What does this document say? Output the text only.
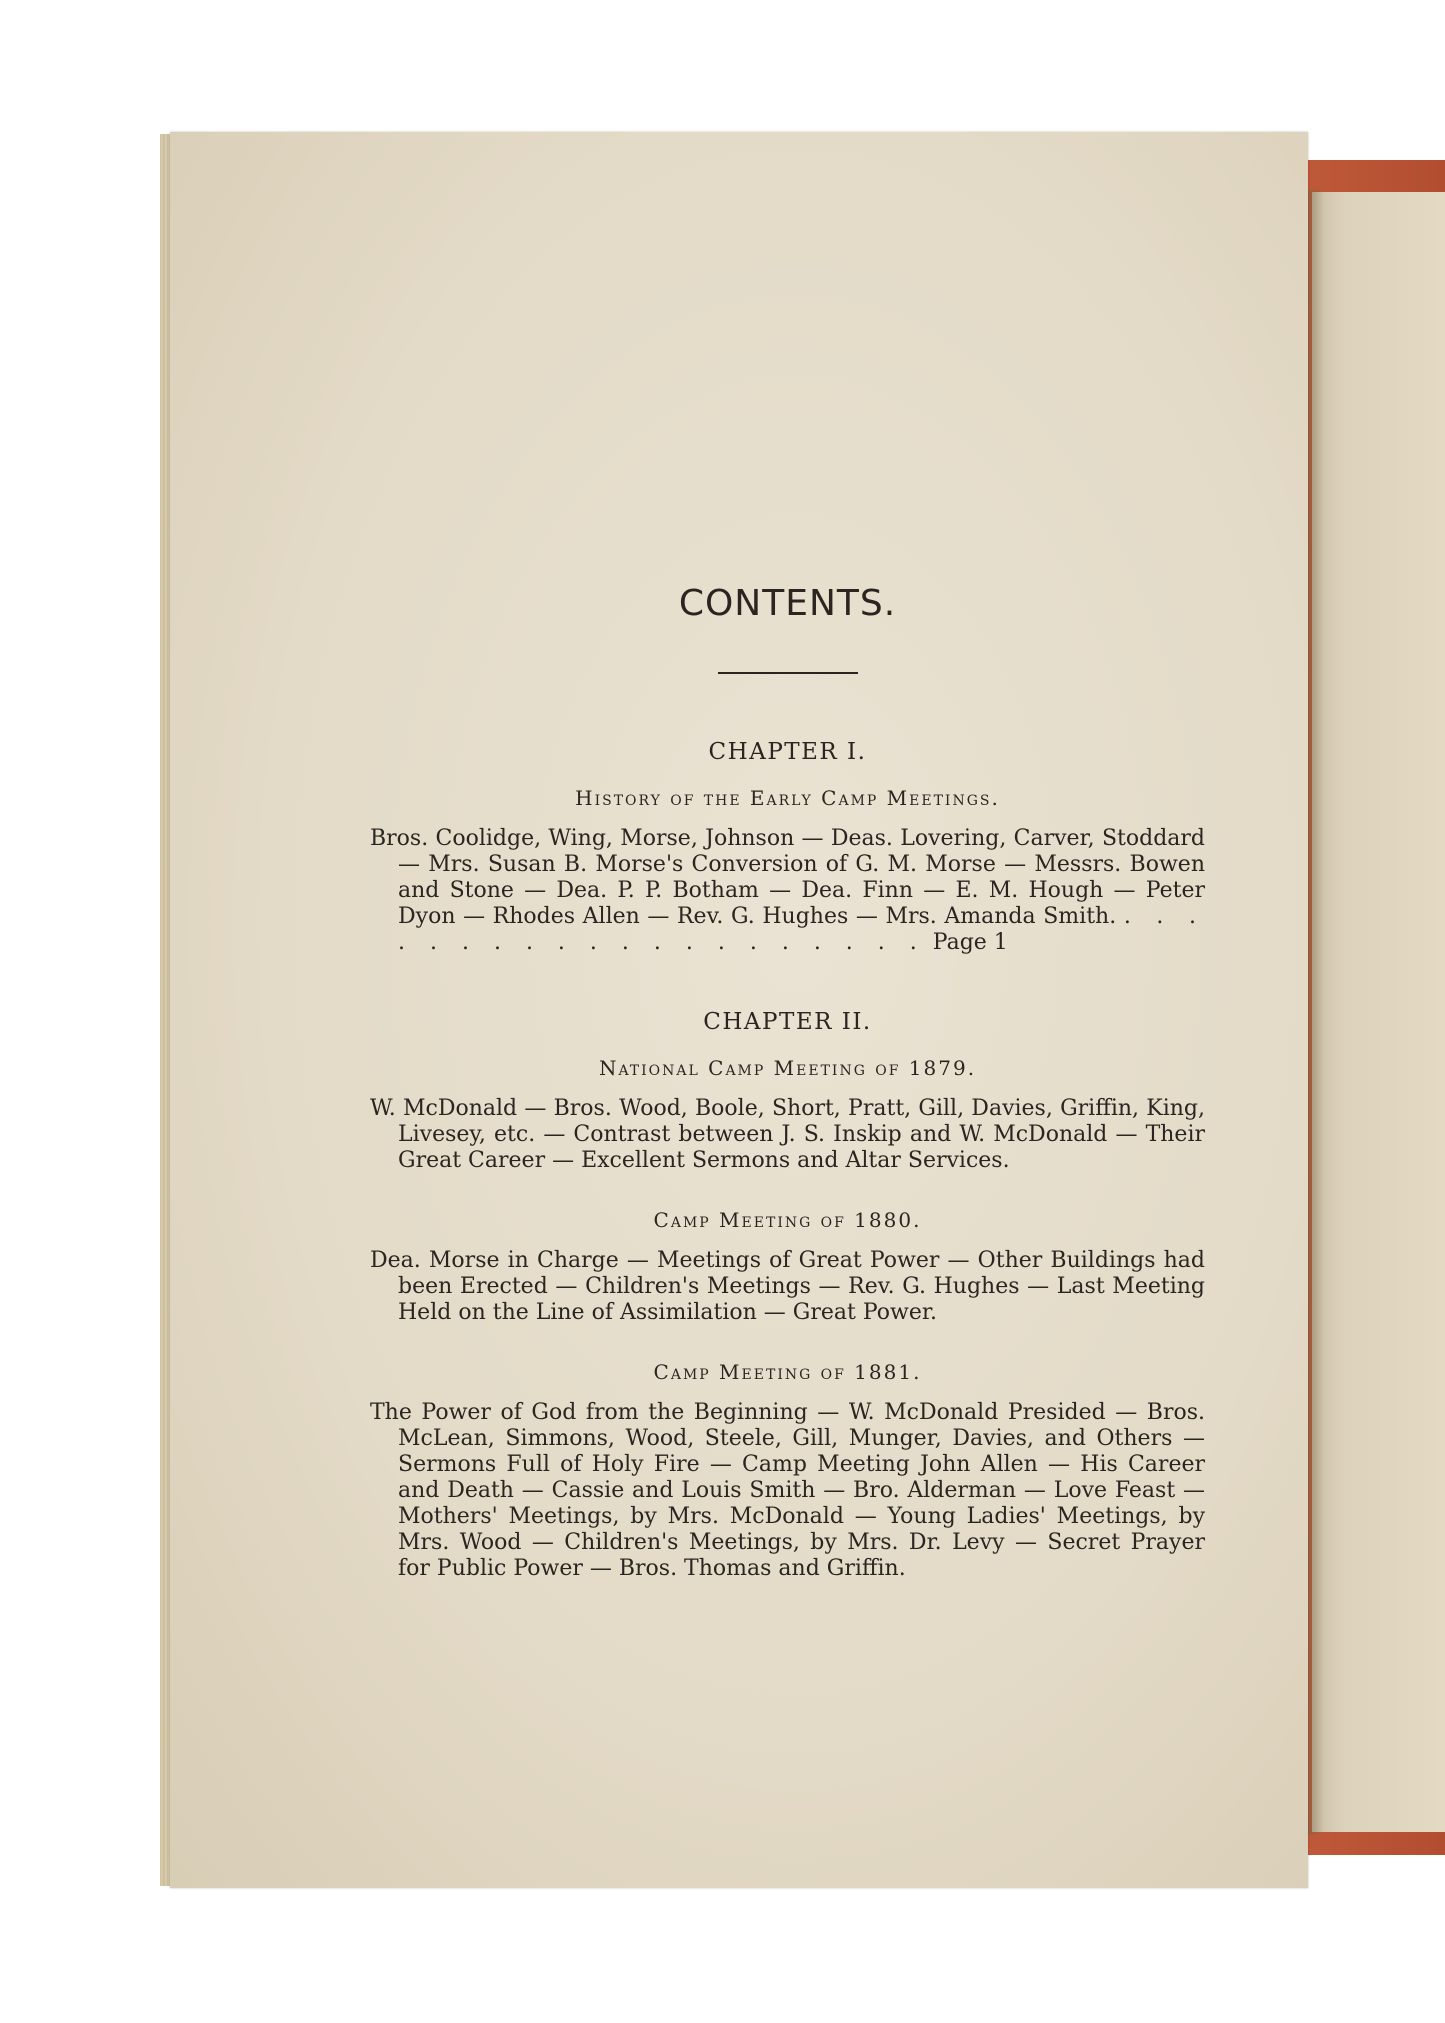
CONTENTS.
CHAPTER I.
History of the Early Camp Meetings.

Bros. Coolidge, Wing, Morse, Johnson — Deas. Lovering, Carver, Stoddard — Mrs. Susan B. Morse's Conversion of G. M. Morse — Messrs. Bowen and Stone — Dea. P. P. Botham — Dea. Finn — E. M. Hough — Peter Dyon — Rhodes Allen — Rev. G. Hughes — Mrs. Amanda Smith. . . . . . . . . . . . . . . . . . . . . Page 1

CHAPTER II.
National Camp Meeting of 1879.

W. McDonald — Bros. Wood, Boole, Short, Pratt, Gill, Davies, Griffin, King, Livesey, etc. — Contrast between J. S. Inskip and W. McDonald — Their Great Career — Excellent Sermons and Altar Services.

Camp Meeting of 1880.

Dea. Morse in Charge — Meetings of Great Power — Other Buildings had been Erected — Children's Meetings — Rev. G. Hughes — Last Meeting Held on the Line of Assimilation — Great Power.

Camp Meeting of 1881.

The Power of God from the Beginning — W. McDonald Presided — Bros. McLean, Simmons, Wood, Steele, Gill, Munger, Davies, and Others — Sermons Full of Holy Fire — Camp Meeting John Allen — His Career and Death — Cassie and Louis Smith — Bro. Alderman — Love Feast — Mothers' Meetings, by Mrs. McDonald — Young Ladies' Meetings, by Mrs. Wood — Children's Meetings, by Mrs. Dr. Levy — Secret Prayer for Public Power — Bros. Thomas and Griffin.
